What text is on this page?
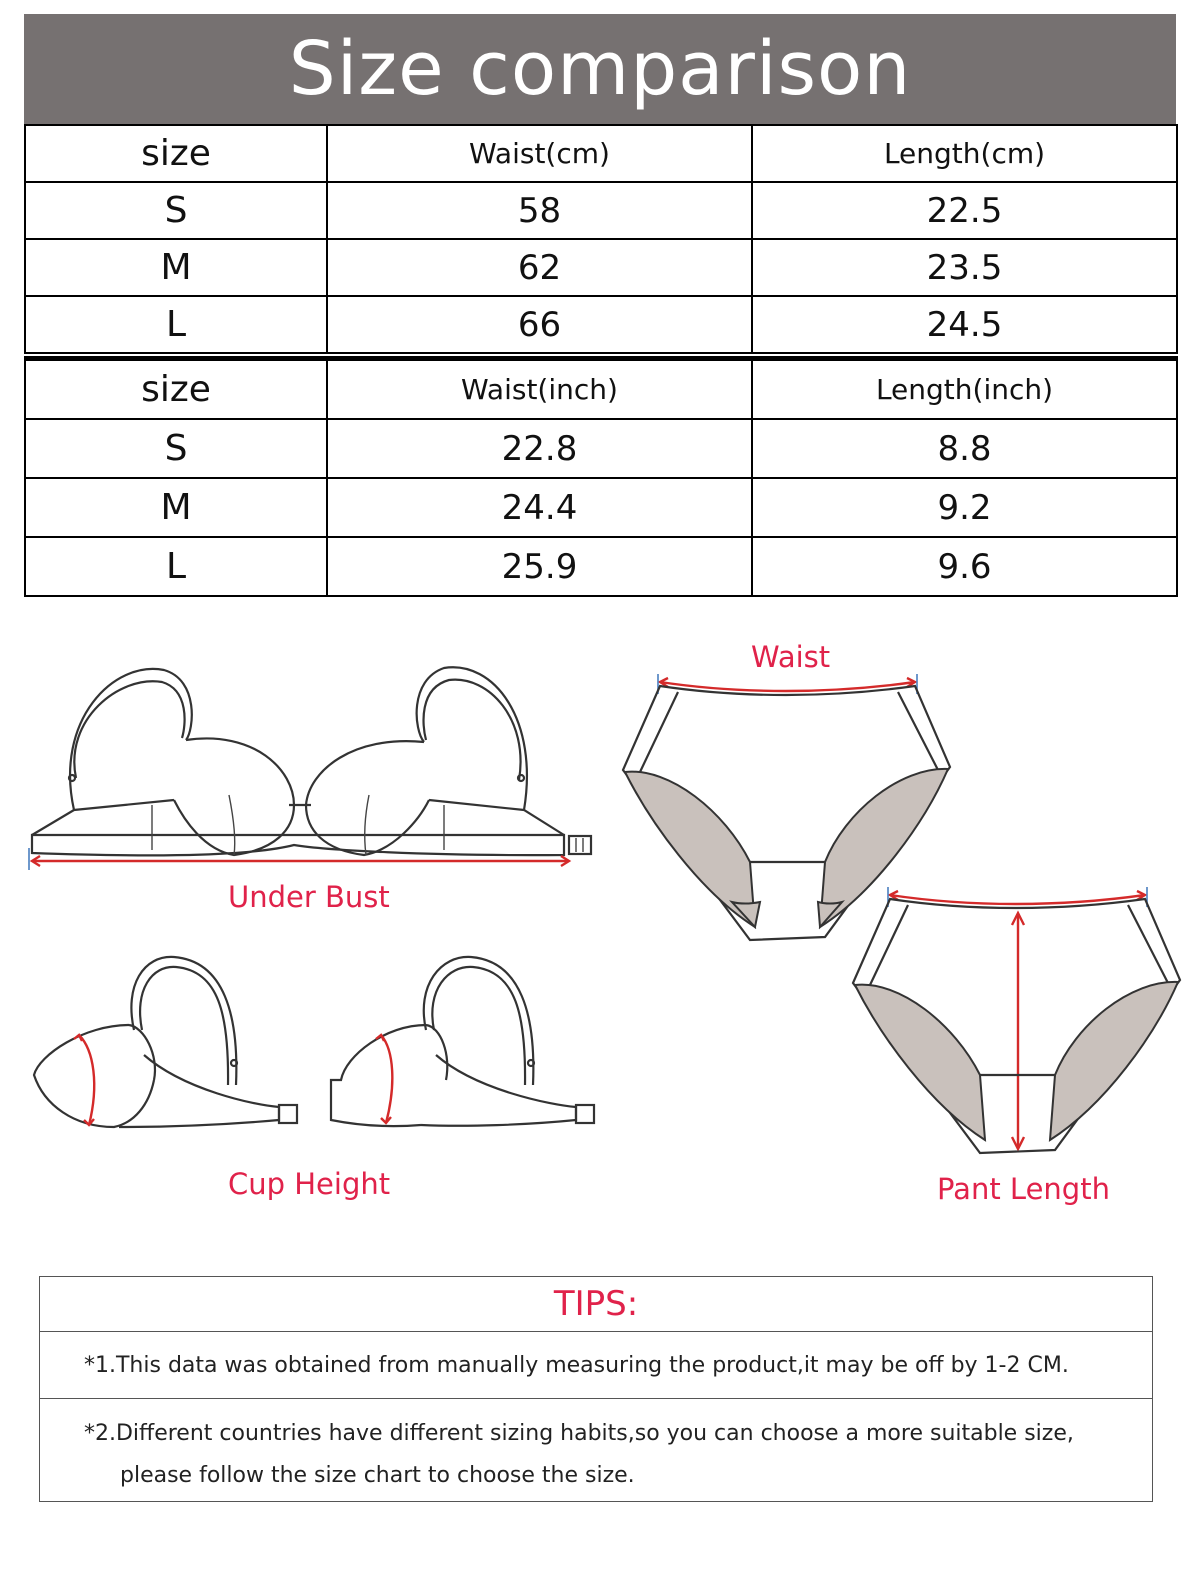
Size comparison
size	Waist(cm)	Length(cm)
S	58	22.5
M	62	23.5
L	66	24.5
size	Waist(inch)	Length(inch)
S	22.8	8.8
M	24.4	9.2
L	25.9	9.6
Under Bust
Cup Height
Waist
Pant Length
TIPS:
*1.This data was obtained from manually measuring the product,it may be off by 1-2 CM.
*2.Different countries have different sizing habits,so you can choose a more suitable size,
please follow the size chart to choose the size.
